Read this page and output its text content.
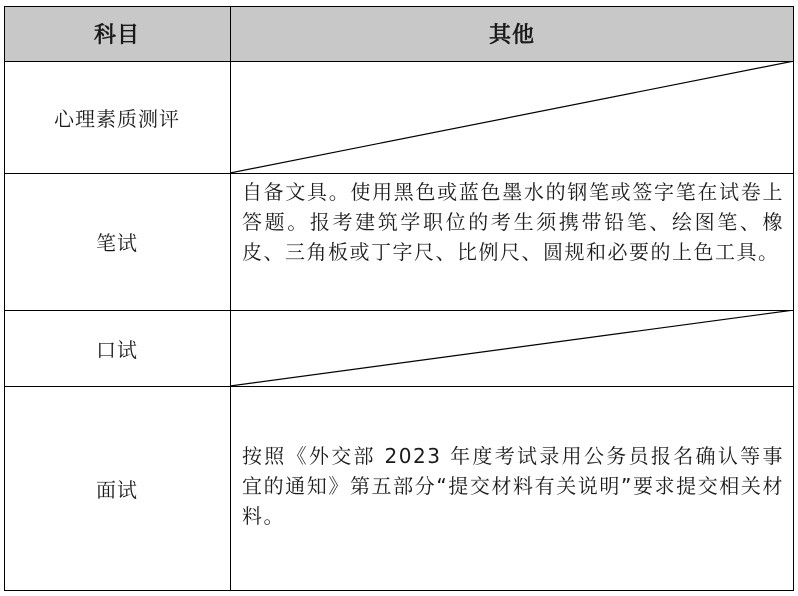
科目	其他
心理素质测评
笔试
自备文具。使用黑色或蓝色墨水的钢笔或签字笔在试卷上答题。报考建筑学职位的考生须携带铅笔、绘图笔、橡皮、三角板或丁字尺、比例尺、圆规和必要的上色工具。
口试
面试
按照《外交部 2023 年度考试录用公务员报名确认等事宜的通知》第五部分“提交材料有关说明”要求提交相关材料。
